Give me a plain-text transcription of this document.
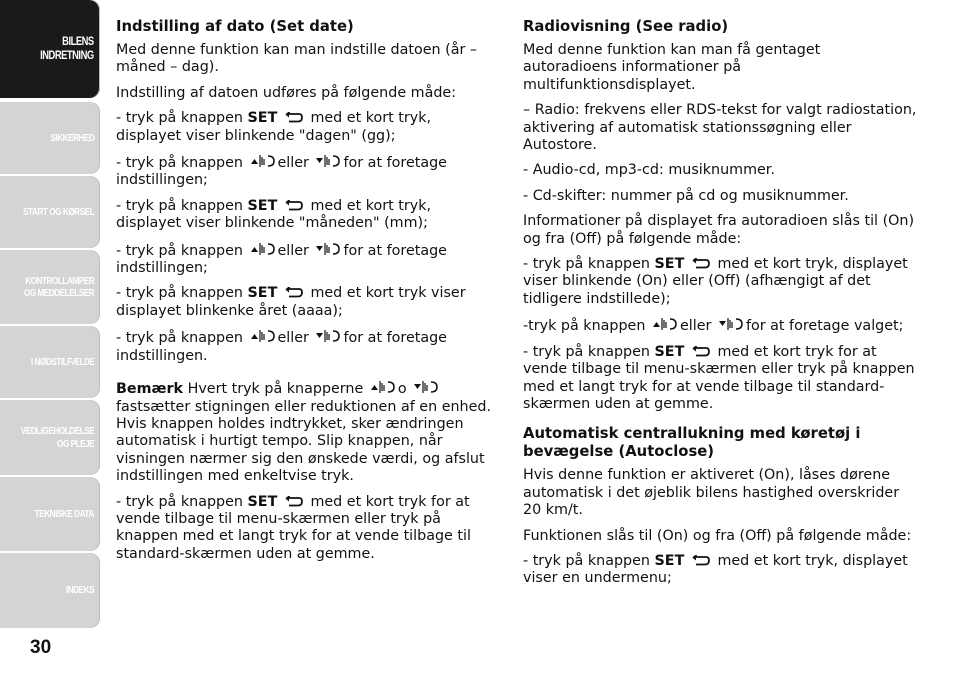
BILENS
INDRETNING
SIKKERHED
START OG KØRSEL
KONTROLLAMPER
OG MEDDELELSER
I NØDSTILFÆLDE
VEDLIGEHOLDELSE
OG PLEJE
TEKNISKE DATA
INDEKS
30
Indstilling af dato (Set date)

Med denne funktion kan man indstille datoen (år – måned – dag).

Indstilling af datoen udføres på følgende måde:

- tryk på knappen SET med et kort tryk, displayet viser blinkende "dagen" (gg);

- tryk på knappen eller for at foretage indstillingen;

- tryk på knappen SET med et kort tryk, displayet viser blinkende "måneden" (mm);

- tryk på knappen eller for at foretage indstillingen;

- tryk på knappen SET med et kort tryk viser displayet blinkenke året (aaaa);

- tryk på knappen eller for at foretage indstillingen.

Bemærk Hvert tryk på knapperne o fastsætter stigningen eller reduktionen af en enhed. Hvis knappen holdes indtrykket, sker ændringen automatisk i hurtigt tempo. Slip knappen, når visningen nærmer sig den ønskede værdi, og afslut indstillingen med enkeltvise tryk.

- tryk på knappen SET med et kort tryk for at vende tilbage til menu-skærmen eller tryk på knappen med et langt tryk for at vende tilbage til standard-skærmen uden at gemme.

Radiovisning (See radio)

Med denne funktion kan man få gentaget autoradioens informationer på multifunktionsdisplayet.

– Radio: frekvens eller RDS-tekst for valgt radiostation, aktivering af automatisk stationssøgning eller Autostore.

- Audio-cd, mp3-cd: musiknummer.

- Cd-skifter: nummer på cd og musiknummer.

Informationer på displayet fra autoradioen slås til (On) og fra (Off) på følgende måde:

- tryk på knappen SET med et kort tryk, displayet viser blinkende (On) eller (Off) (afhængigt af det tidligere indstillede);

-tryk på knappen eller for at foretage valget;

- tryk på knappen SET med et kort tryk for at vende tilbage til menu-skærmen eller tryk på knappen med et langt tryk for at vende tilbage til standard-skærmen uden at gemme.

Automatisk centrallukning med køretøj i bevægelse (Autoclose)

Hvis denne funktion er aktiveret (On), låses dørene automatisk i det øjeblik bilens hastighed overskrider 20 km/t.

Funktionen slås til (On) og fra (Off) på følgende måde:

- tryk på knappen SET med et kort tryk, displayet viser en undermenu;
